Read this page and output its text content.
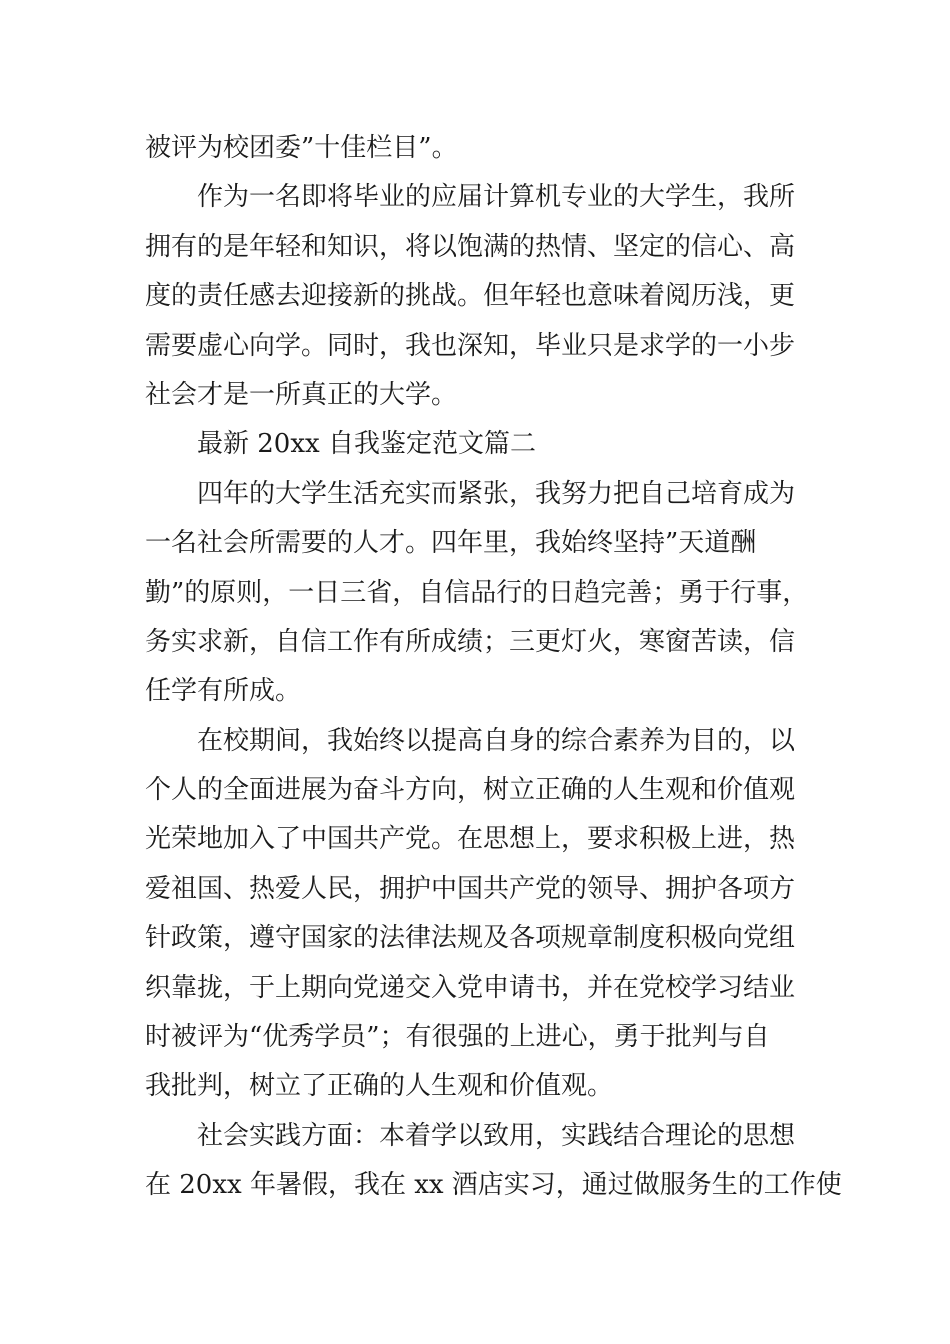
被评为校团委”十佳栏目”。
作为一名即将毕业的应届计算机专业的大学生，我所
拥有的是年轻和知识，将以饱满的热情、坚定的信心、高
度的责任感去迎接新的挑战。但年轻也意味着阅历浅，更
需要虚心向学。同时，我也深知，毕业只是求学的一小步
社会才是一所真正的大学。
最新 20xx 自我鉴定范文篇二
四年的大学生活充实而紧张，我努力把自己培育成为
一名社会所需要的人才。四年里，我始终坚持”天道酬
勤”的原则，一日三省，自信品行的日趋完善；勇于行事，
务实求新，自信工作有所成绩；三更灯火，寒窗苦读，信
任学有所成。
在校期间，我始终以提高自身的综合素养为目的，以
个人的全面进展为奋斗方向，树立正确的人生观和价值观
光荣地加入了中国共产党。在思想上，要求积极上进，热
爱祖国、热爱人民，拥护中国共产党的领导、拥护各项方
针政策，遵守国家的法律法规及各项规章制度积极向党组
织靠拢，于上期向党递交入党申请书，并在党校学习结业
时被评为“优秀学员”；有很强的上进心，勇于批判与自
我批判，树立了正确的人生观和价值观。
社会实践方面：本着学以致用，实践结合理论的思想
在 20xx 年暑假，我在 xx 酒店实习，通过做服务生的工作使
